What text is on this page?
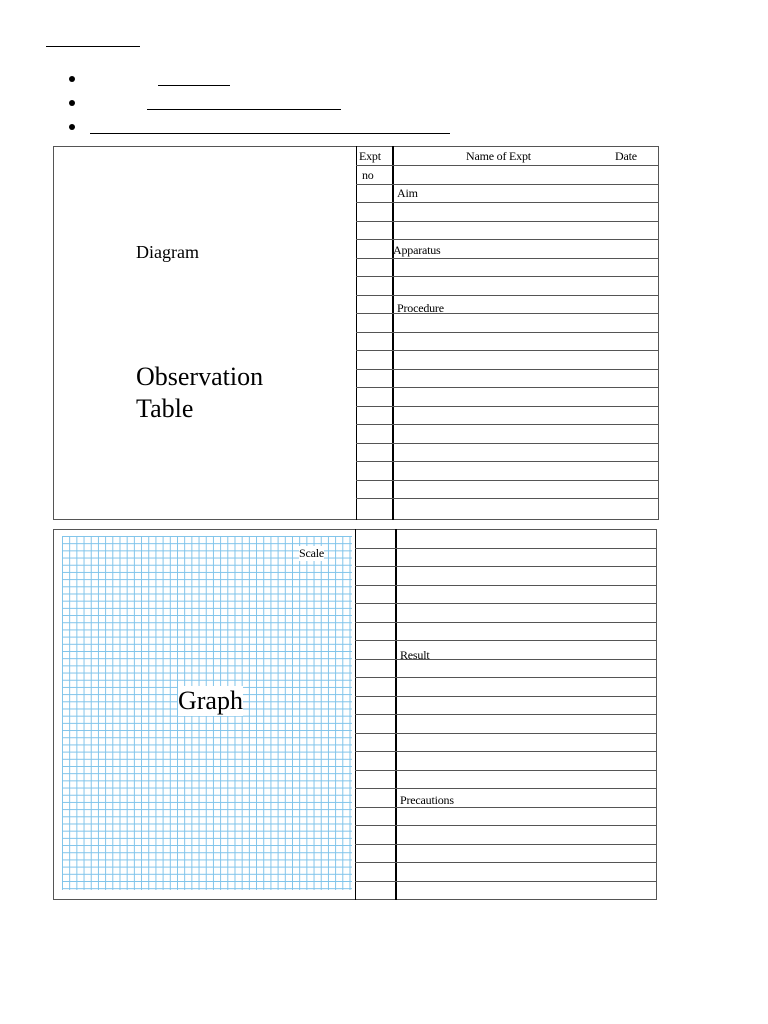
Expt
no
Name of Expt	Date
Aim
Apparatus
Procedure
Diagram
Observation
Table
Scale
Graph
Result
Precautions
